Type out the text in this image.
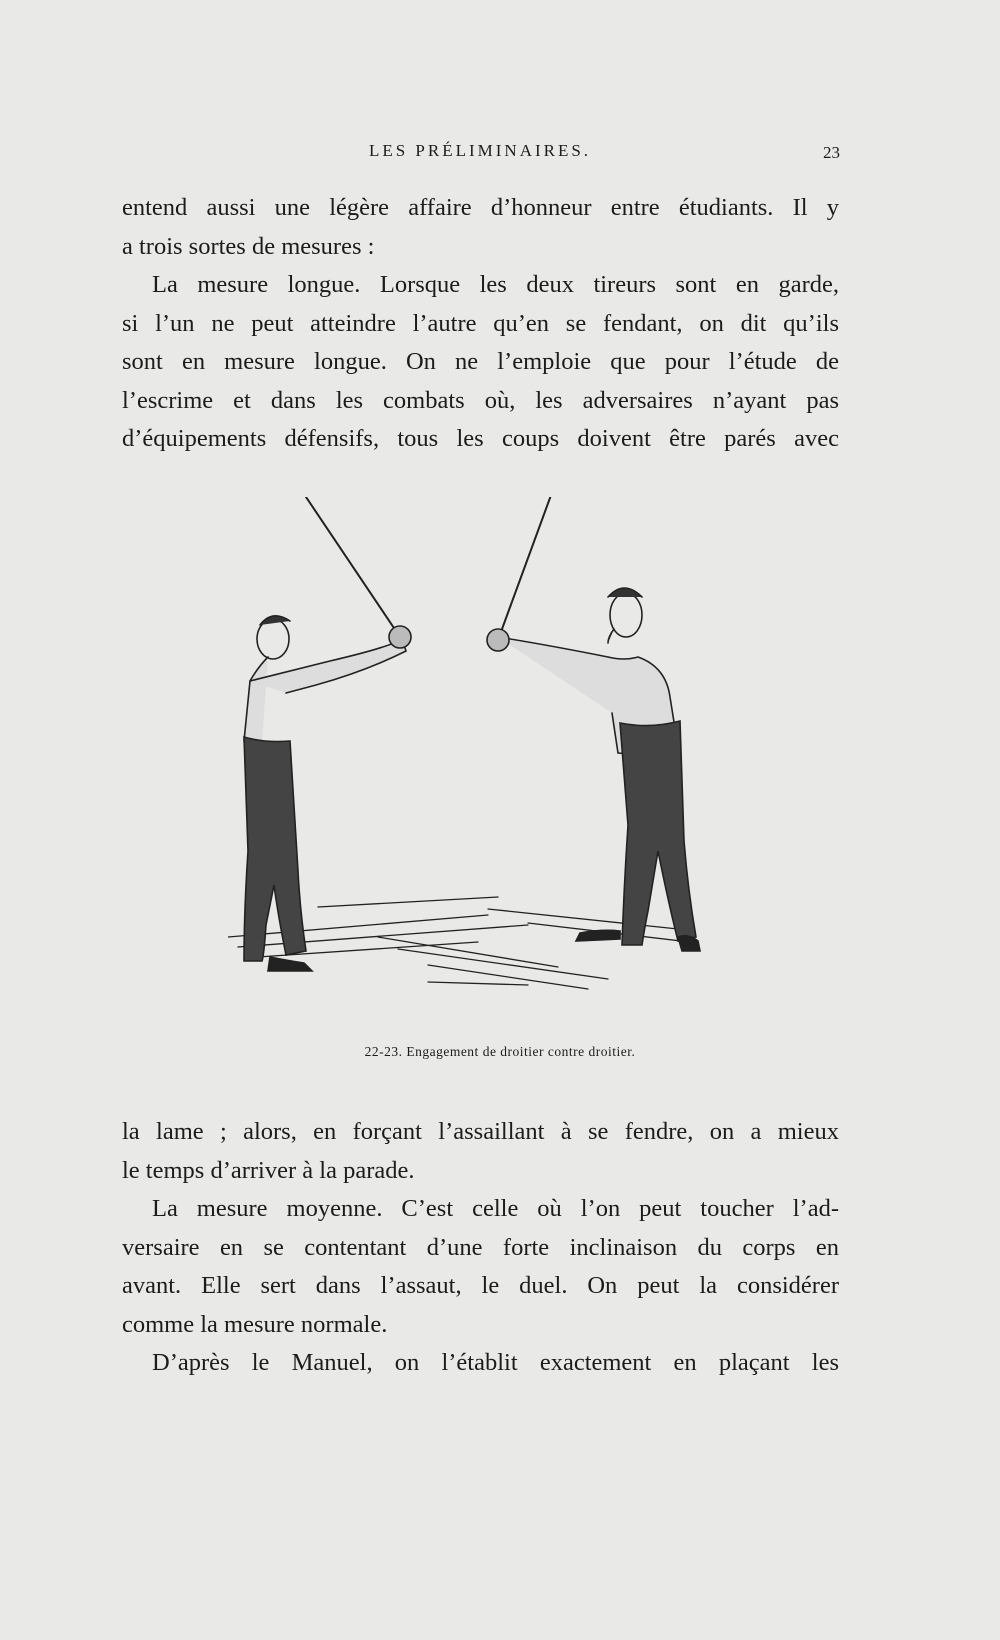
LES PRÉLIMINAIRES.	23
entend aussi une légère affaire d’honneur entre étudiants. Il y
a trois sortes de mesures :
La mesure longue. Lorsque les deux tireurs sont en garde,
si l’un ne peut atteindre l’autre qu’en se fendant, on dit qu’ils
sont en mesure longue. On ne l’emploie que pour l’étude de
l’escrime et dans les combats où, les adversaires n’ayant pas
d’équipements défensifs, tous les coups doivent être parés avec
22-23. Engagement de droitier contre droitier.
la lame ; alors, en forçant l’assaillant à se fendre, on a mieux
le temps d’arriver à la parade.
La mesure moyenne. C’est celle où l’on peut toucher l’ad-
versaire en se contentant d’une forte inclinaison du corps en
avant. Elle sert dans l’assaut, le duel. On peut la considérer
comme la mesure normale.
D’après le Manuel, on l’établit exactement en plaçant les
